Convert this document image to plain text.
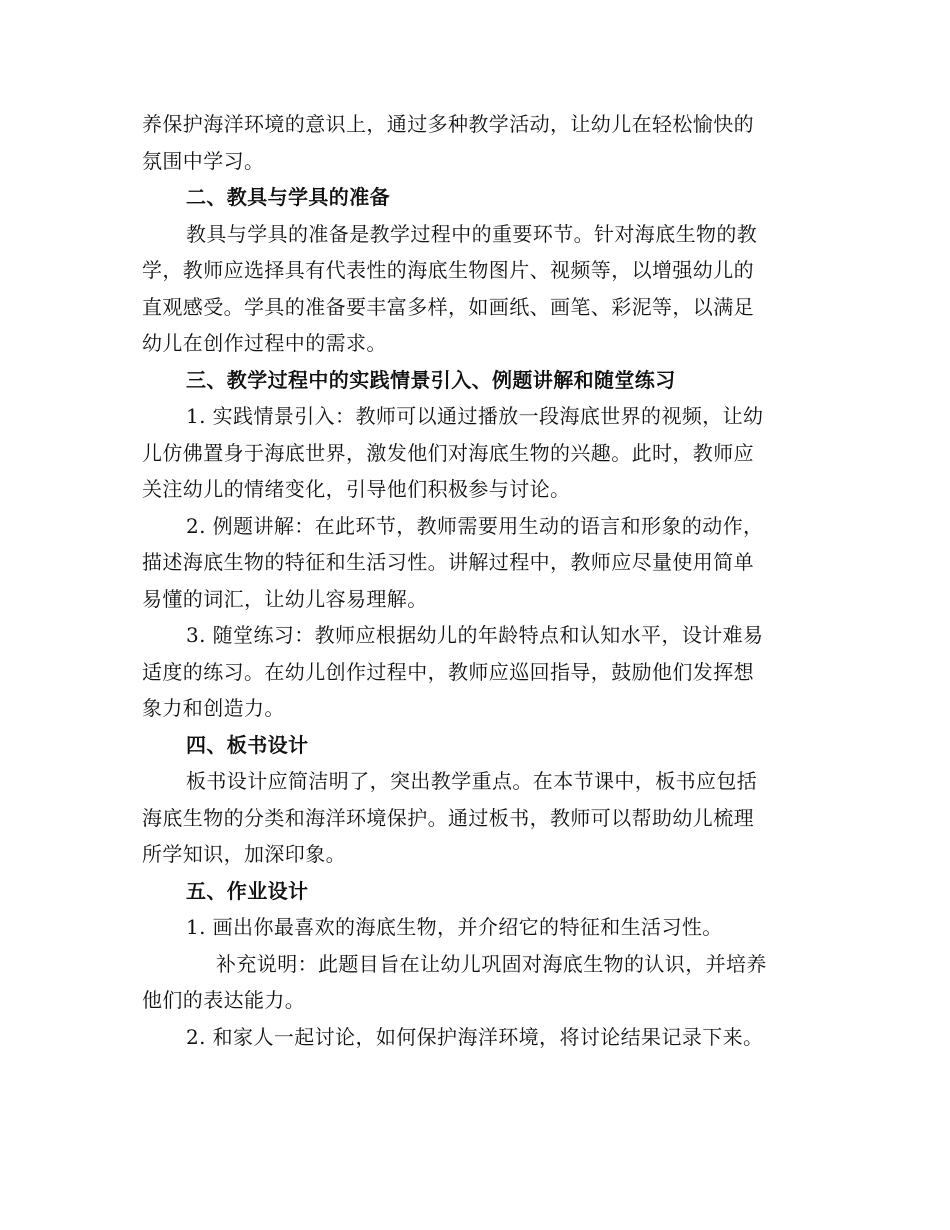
养保护海洋环境的意识上，通过多种教学活动，让幼儿在轻松愉快的
氛围中学习。
二、教具与学具的准备
教具与学具的准备是教学过程中的重要环节。针对海底生物的教
学，教师应选择具有代表性的海底生物图片、视频等，以增强幼儿的
直观感受。学具的准备要丰富多样，如画纸、画笔、彩泥等，以满足
幼儿在创作过程中的需求。
三、教学过程中的实践情景引入、例题讲解和随堂练习
1. 实践情景引入：教师可以通过播放一段海底世界的视频，让幼
儿仿佛置身于海底世界，激发他们对海底生物的兴趣。此时，教师应
关注幼儿的情绪变化，引导他们积极参与讨论。
2. 例题讲解：在此环节，教师需要用生动的语言和形象的动作，
描述海底生物的特征和生活习性。讲解过程中，教师应尽量使用简单
易懂的词汇，让幼儿容易理解。
3. 随堂练习：教师应根据幼儿的年龄特点和认知水平，设计难易
适度的练习。在幼儿创作过程中，教师应巡回指导，鼓励他们发挥想
象力和创造力。
四、板书设计
板书设计应简洁明了，突出教学重点。在本节课中，板书应包括
海底生物的分类和海洋环境保护。通过板书，教师可以帮助幼儿梳理
所学知识，加深印象。
五、作业设计
1. 画出你最喜欢的海底生物，并介绍它的特征和生活习性。
补充说明：此题目旨在让幼儿巩固对海底生物的认识，并培养
他们的表达能力。
2. 和家人一起讨论，如何保护海洋环境，将讨论结果记录下来。
